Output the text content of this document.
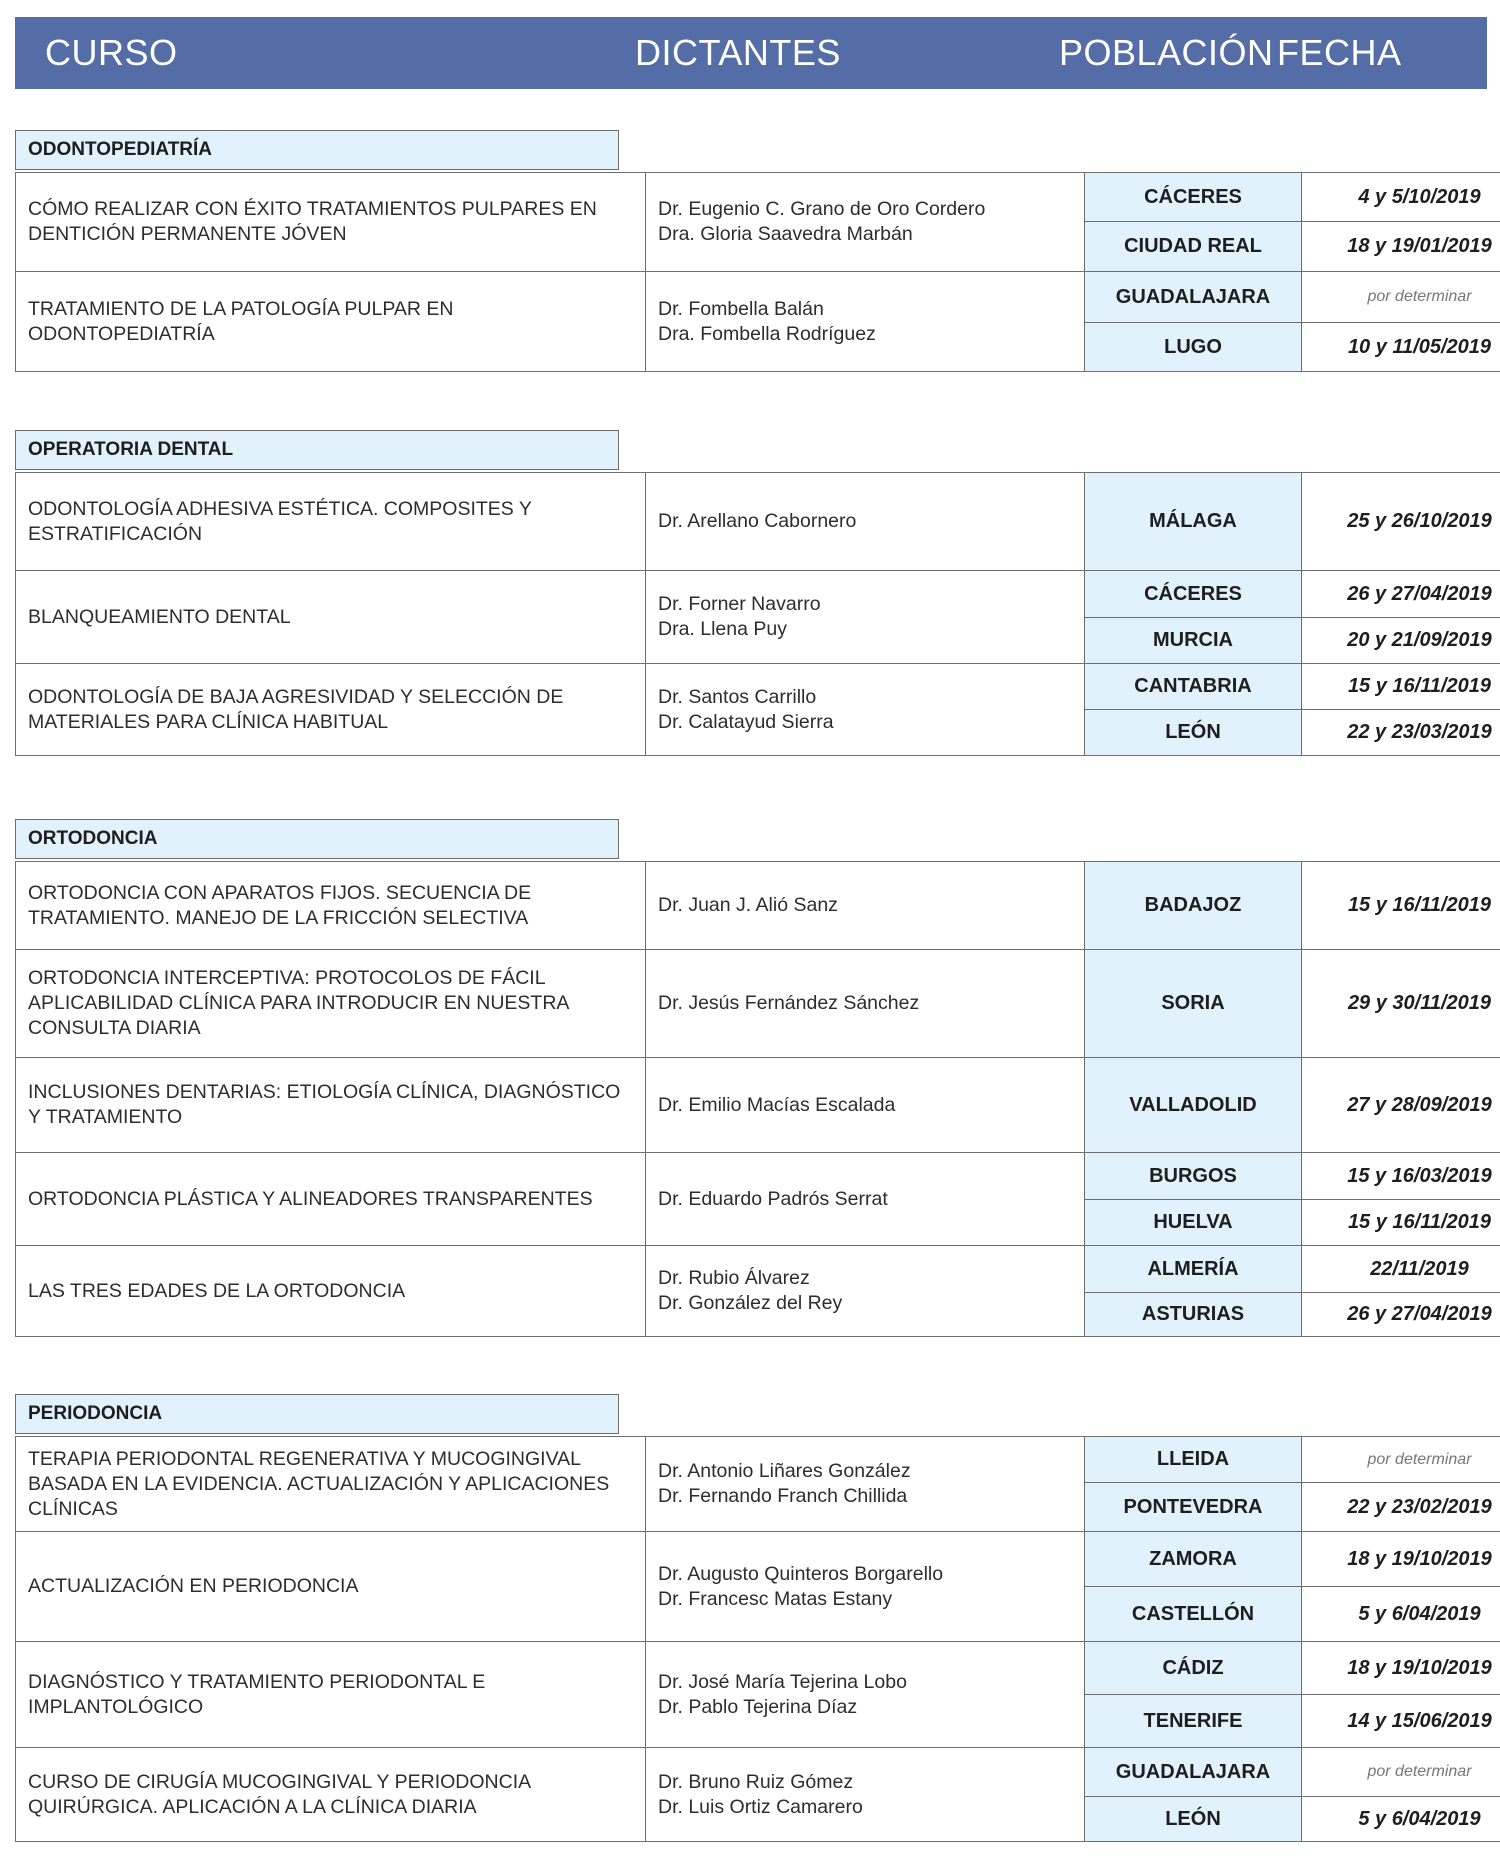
CURSO	DICTANTES	POBLACIÓN FECHA
ODONTOPEDIATRÍA
CÓMO REALIZAR CON ÉXITO TRATAMIENTOS PULPARES EN
DENTICIÓN PERMANENTE JÓVEN	Dr. Eugenio C. Grano de Oro Cordero
Dra. Gloria Saavedra Marbán	CÁCERES	4 y 5/10/2019
		CIUDAD REAL	18 y 19/01/2019

TRATAMIENTO DE LA PATOLOGÍA PULPAR EN ODONTOPEDIATRÍA	Dr. Fombella Balán
Dra. Fombella Rodríguez	GUADALAJARA	por determinar
		LUGO	10 y 11/05/2019
OPERATORIA DENTAL
ODONTOLOGÍA ADHESIVA ESTÉTICA. COMPOSITES Y
ESTRATIFICACIÓN	Dr. Arellano Cabornero	MÁLAGA	25 y 26/10/2019

BLANQUEAMIENTO DENTAL	Dr. Forner Navarro
Dra. Llena Puy	CÁCERES	26 y 27/04/2019
		MURCIA	20 y 21/09/2019

ODONTOLOGÍA DE BAJA AGRESIVIDAD Y SELECCIÓN DE
MATERIALES PARA CLÍNICA HABITUAL	Dr. Santos Carrillo
Dr. Calatayud Sierra	CANTABRIA	15 y 16/11/2019
		LEÓN	22 y 23/03/2019
ORTODONCIA
ORTODONCIA CON APARATOS FIJOS. SECUENCIA DE
TRATAMIENTO. MANEJO DE LA FRICCIÓN SELECTIVA	Dr. Juan J. Alió Sanz	BADAJOZ	15 y 16/11/2019

ORTODONCIA INTERCEPTIVA: PROTOCOLOS DE FÁCIL
APLICABILIDAD CLÍNICA PARA INTRODUCIR EN NUESTRA
CONSULTA DIARIA	Dr. Jesús Fernández Sánchez	SORIA	29 y 30/11/2019

INCLUSIONES DENTARIAS: ETIOLOGÍA CLÍNICA, DIAGNÓSTICO
Y TRATAMIENTO	Dr. Emilio Macías Escalada	VALLADOLID	27 y 28/09/2019

ORTODONCIA PLÁSTICA Y ALINEADORES TRANSPARENTES	Dr. Eduardo Padrós Serrat	BURGOS	15 y 16/03/2019
		HUELVA	15 y 16/11/2019

LAS TRES EDADES DE LA ORTODONCIA	Dr. Rubio Álvarez
Dr. González del Rey	ALMERÍA	22/11/2019
		ASTURIAS	26 y 27/04/2019
PERIODONCIA
TERAPIA PERIODONTAL REGENERATIVA Y MUCOGINGIVAL
BASADA EN LA EVIDENCIA. ACTUALIZACIÓN Y APLICACIONES
CLÍNICAS	Dr. Antonio Liñares González
Dr. Fernando Franch Chillida	LLEIDA	por determinar
		PONTEVEDRA	22 y 23/02/2019

ACTUALIZACIÓN EN PERIODONCIA	Dr. Augusto Quinteros Borgarello
Dr. Francesc Matas Estany	ZAMORA	18 y 19/10/2019
		CASTELLÓN	5 y 6/04/2019

DIAGNÓSTICO Y TRATAMIENTO PERIODONTAL E
IMPLANTOLÓGICO	Dr. José María Tejerina Lobo
Dr. Pablo Tejerina Díaz	CÁDIZ	18 y 19/10/2019
		TENERIFE	14 y 15/06/2019

CURSO DE CIRUGÍA MUCOGINGIVAL Y PERIODONCIA
QUIRÚRGICA. APLICACIÓN A LA CLÍNICA DIARIA	Dr. Bruno Ruiz Gómez
Dr. Luis Ortiz Camarero	GUADALAJARA	por determinar
		LEÓN	5 y 6/04/2019
